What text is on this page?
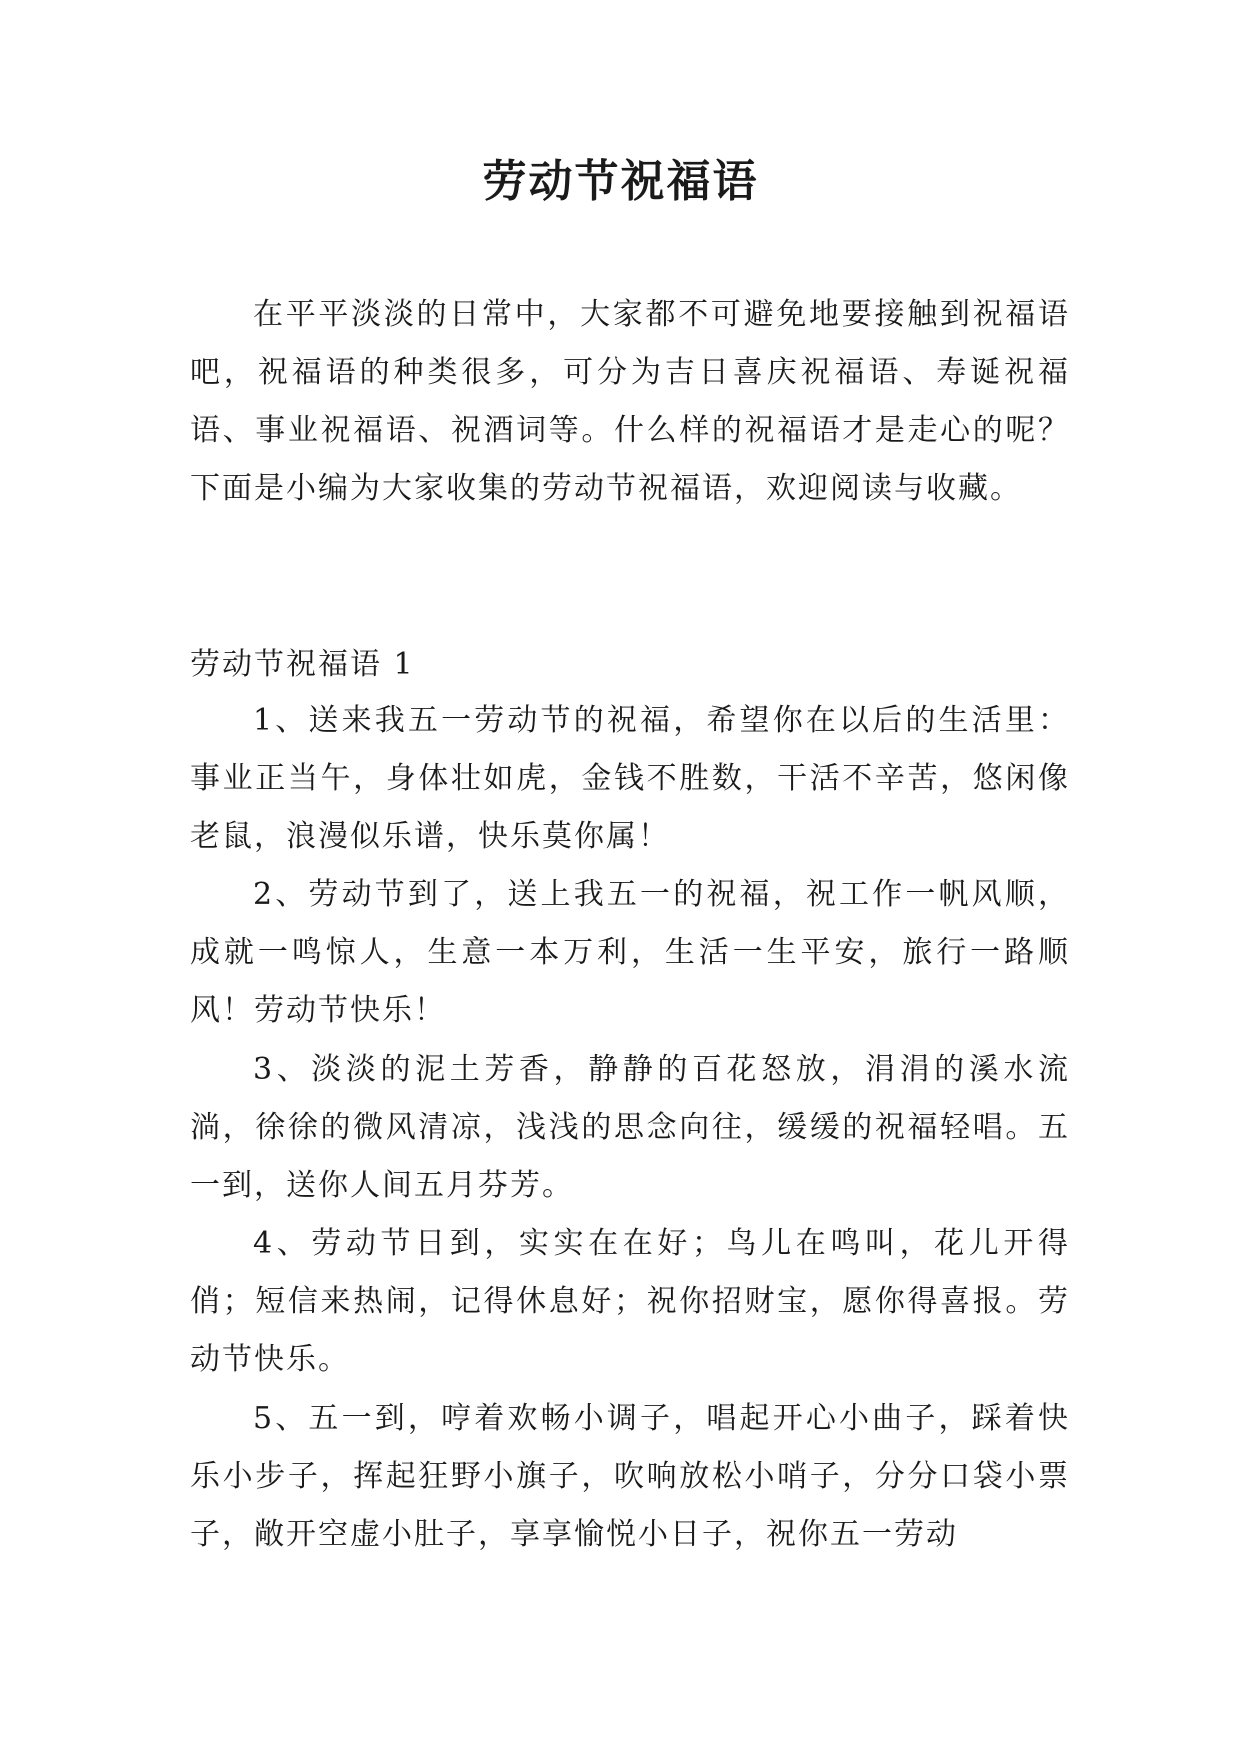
劳动节祝福语

在平平淡淡的日常中，大家都不可避免地要接触到祝福语吧，祝福语的种类很多，可分为吉日喜庆祝福语、寿诞祝福语、事业祝福语、祝酒词等。什么样的祝福语才是走心的呢？下面是小编为大家收集的劳动节祝福语，欢迎阅读与收藏。

劳动节祝福语 1

1、送来我五一劳动节的祝福，希望你在以后的生活里：事业正当午，身体壮如虎，金钱不胜数，干活不辛苦，悠闲像老鼠，浪漫似乐谱，快乐莫你属！

2、劳动节到了，送上我五一的祝福，祝工作一帆风顺，成就一鸣惊人，生意一本万利，生活一生平安，旅行一路顺风！劳动节快乐！

3、淡淡的泥土芳香，静静的百花怒放，涓涓的溪水流淌，徐徐的微风清凉，浅浅的思念向往，缓缓的祝福轻唱。五一到，送你人间五月芬芳。

4、劳动节日到，实实在在好；鸟儿在鸣叫，花儿开得俏；短信来热闹，记得休息好；祝你招财宝，愿你得喜报。劳动节快乐。

5、五一到，哼着欢畅小调子，唱起开心小曲子，踩着快乐小步子，挥起狂野小旗子，吹响放松小哨子，分分口袋小票子，敞开空虚小肚子，享享愉悦小日子，祝你五一劳动
